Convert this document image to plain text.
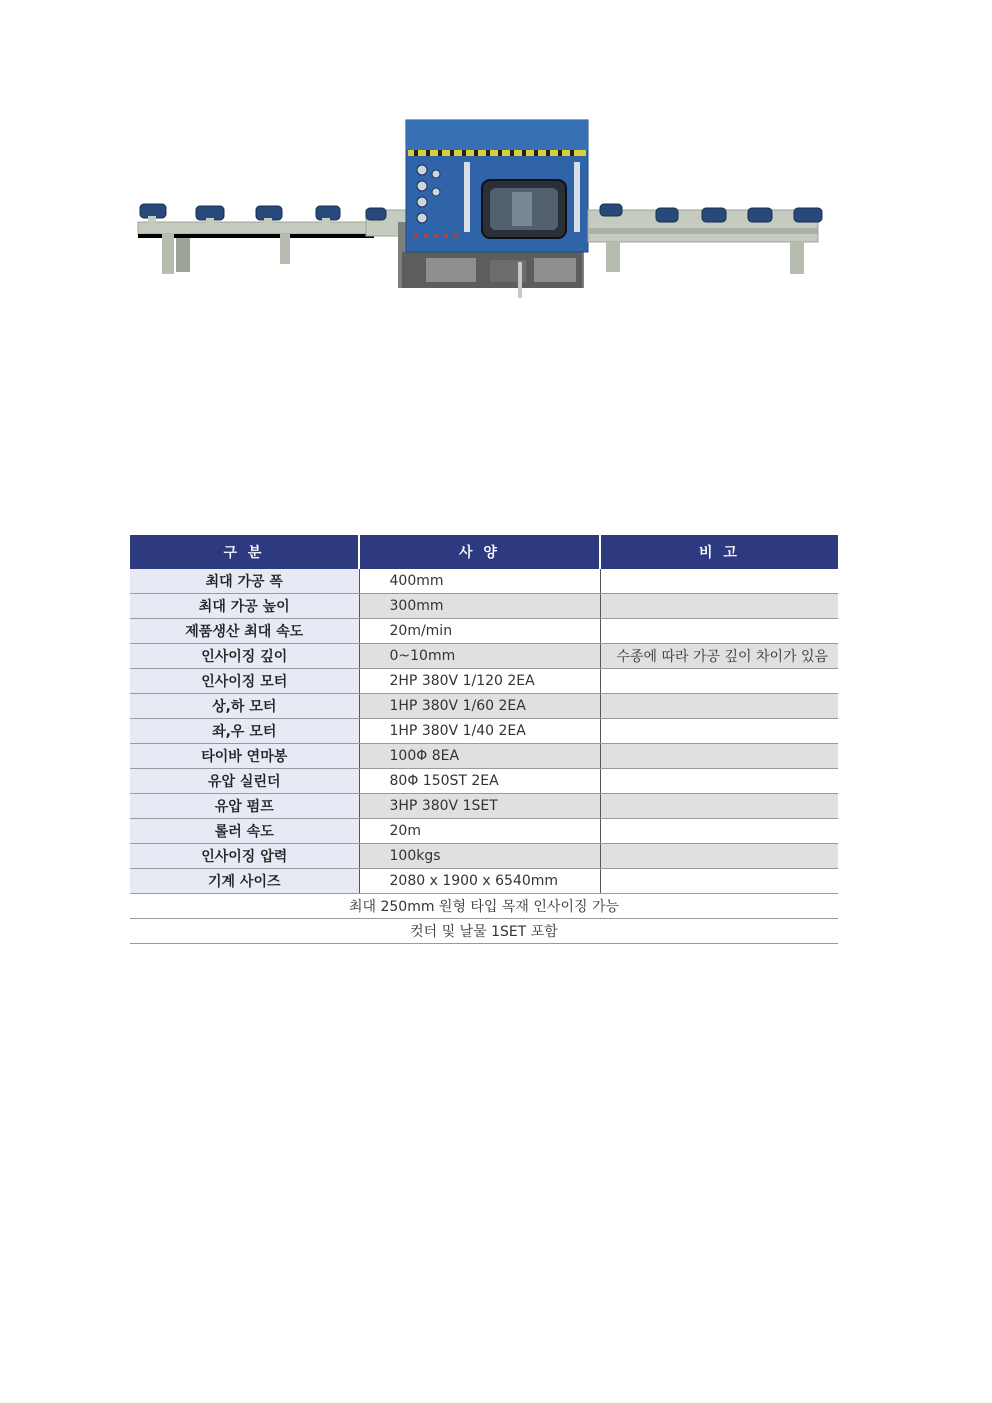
구 분	사 양	비 고
최대 가공 폭	400mm	
최대 가공 높이	300mm	
제품생산 최대 속도	20m/min	
인사이징 깊이	0~10mm	수종에 따라 가공 깊이 차이가 있음
인사이징 모터	2HP 380V 1/120 2EA	
상,하 모터	1HP 380V 1/60 2EA	
좌,우 모터	1HP 380V 1/40 2EA	
타이바 연마봉	100Φ 8EA	
유압 실린더	80Φ 150ST 2EA	
유압 펌프	3HP 380V 1SET	
롤러 속도	20m	
인사이징 압력	100kgs	
기계 사이즈	2080 x 1900 x 6540mm	
최대 250mm 원형 타입 목재 인사이징 가능		
컷터 및 날물 1SET 포함		
